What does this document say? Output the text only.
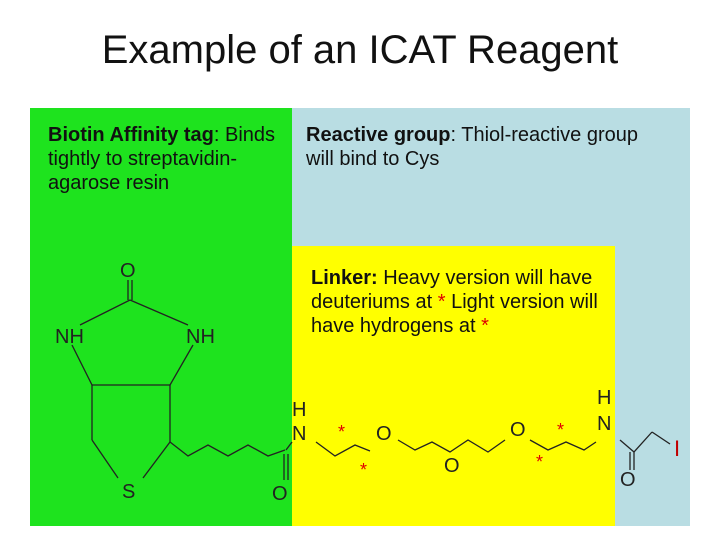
Example of an ICAT Reagent
Biotin Affinity tag: Binds tightly to streptavidin-agarose resin
Reactive group: Thiol-reactive group will bind to Cys
Linker: Heavy version will have deuteriums at * Light version will have hydrogens at *
O
NH	NH
S	O
H
N	O
O
O
H
N
O
I
*
*
*
*
